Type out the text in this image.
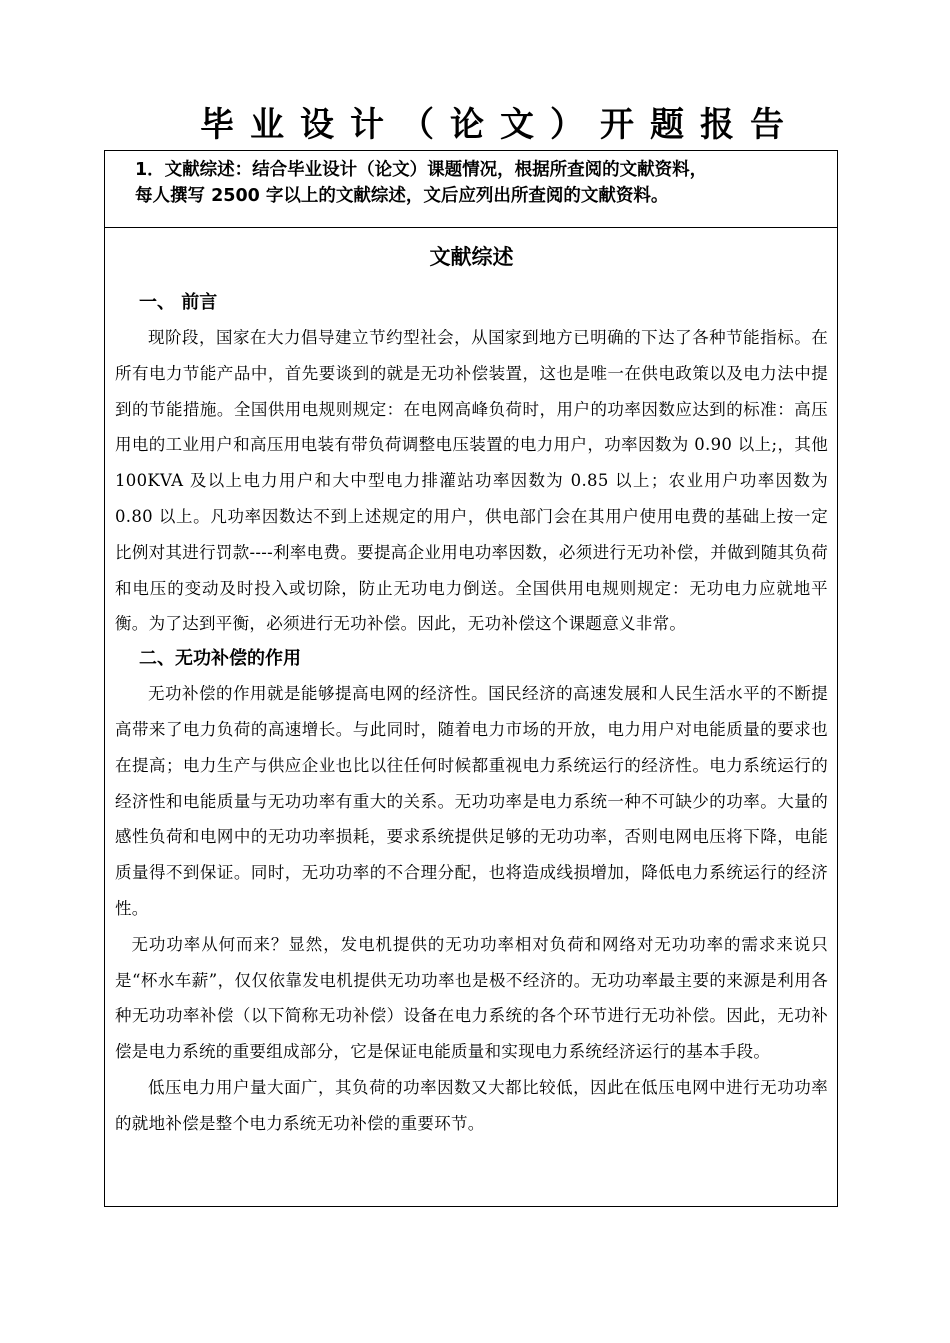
毕业设计（论文）开题报告
1．文献综述：结合毕业设计（论文）课题情况，根据所查阅的文献资料，
每人撰写 2500 字以上的文献综述，文后应列出所查阅的文献资料。
文献综述

一、 前言

现阶段，国家在大力倡导建立节约型社会，从国家到地方已明确的下达了各种节能指标。在所有电力节能产品中，首先要谈到的就是无功补偿装置，这也是唯一在供电政策以及电力法中提到的节能措施。全国供用电规则规定：在电网高峰负荷时，用户的功率因数应达到的标准：高压用电的工业用户和高压用电装有带负荷调整电压装置的电力用户，功率因数为 0.90 以上;，其他 100KVA 及以上电力用户和大中型电力排灌站功率因数为 0.85 以上；农业用户功率因数为 0.80 以上。凡功率因数达不到上述规定的用户，供电部门会在其用户使用电费的基础上按一定比例对其进行罚款----利率电费。要提高企业用电功率因数，必须进行无功补偿，并做到随其负荷和电压的变动及时投入或切除，防止无功电力倒送。全国供用电规则规定：无功电力应就地平衡。为了达到平衡，必须进行无功补偿。因此，无功补偿这个课题意义非常。

二、无功补偿的作用

无功补偿的作用就是能够提高电网的经济性。国民经济的高速发展和人民生活水平的不断提高带来了电力负荷的高速增长。与此同时，随着电力市场的开放，电力用户对电能质量的要求也在提高；电力生产与供应企业也比以往任何时候都重视电力系统运行的经济性。电力系统运行的经济性和电能质量与无功功率有重大的关系。无功功率是电力系统一种不可缺少的功率。大量的感性负荷和电网中的无功功率损耗，要求系统提供足够的无功功率，否则电网电压将下降，电能质量得不到保证。同时，无功功率的不合理分配，也将造成线损增加，降低电力系统运行的经济性。

无功功率从何而来？显然，发电机提供的无功功率相对负荷和网络对无功功率的需求来说只是“杯水车薪”，仅仅依靠发电机提供无功功率也是极不经济的。无功功率最主要的来源是利用各种无功功率补偿（以下简称无功补偿）设备在电力系统的各个环节进行无功补偿。因此，无功补偿是电力系统的重要组成部分，它是保证电能质量和实现电力系统经济运行的基本手段。

低压电力用户量大面广，其负荷的功率因数又大都比较低，因此在低压电网中进行无功功率的就地补偿是整个电力系统无功补偿的重要环节。
